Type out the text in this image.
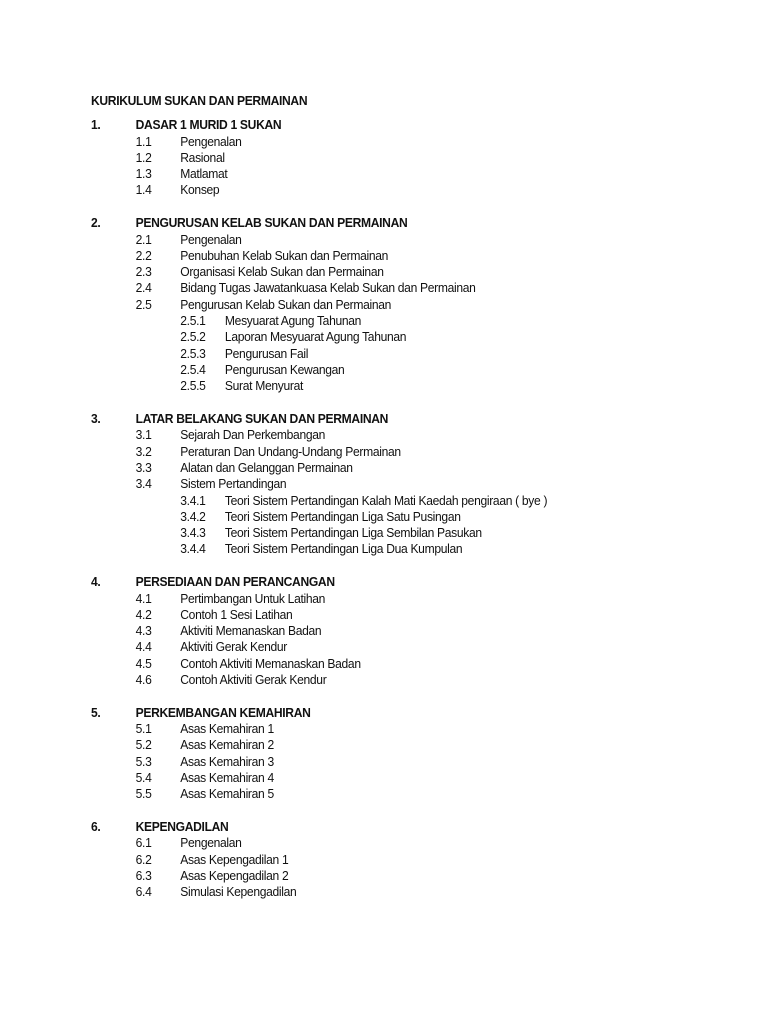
KURIKULUM SUKAN DAN PERMAINAN
1.	DASAR 1 MURID 1 SUKAN
1.1	Pengenalan
1.2	Rasional
1.3	Matlamat
1.4	Konsep
2.	PENGURUSAN KELAB SUKAN DAN PERMAINAN
2.1	Pengenalan
2.2	Penubuhan Kelab Sukan dan Permainan
2.3	Organisasi Kelab Sukan dan Permainan
2.4	Bidang Tugas Jawatankuasa Kelab Sukan dan Permainan
2.5	Pengurusan Kelab Sukan dan Permainan
2.5.1	Mesyuarat Agung Tahunan
2.5.2	Laporan Mesyuarat Agung Tahunan
2.5.3	Pengurusan Fail
2.5.4	Pengurusan Kewangan
2.5.5	Surat Menyurat
3.	LATAR BELAKANG SUKAN DAN PERMAINAN
3.1	Sejarah Dan Perkembangan
3.2	Peraturan Dan Undang-Undang Permainan
3.3	Alatan dan Gelanggan Permainan
3.4	Sistem Pertandingan
3.4.1	Teori Sistem Pertandingan Kalah Mati Kaedah pengiraan ( bye )
3.4.2	Teori Sistem Pertandingan Liga Satu Pusingan
3.4.3	Teori Sistem Pertandingan Liga Sembilan Pasukan
3.4.4	Teori Sistem Pertandingan Liga Dua Kumpulan
4.	PERSEDIAAN DAN PERANCANGAN
4.1	Pertimbangan Untuk Latihan
4.2	Contoh 1 Sesi Latihan
4.3	Aktiviti Memanaskan Badan
4.4	Aktiviti Gerak Kendur
4.5	Contoh Aktiviti Memanaskan Badan
4.6	Contoh Aktiviti Gerak Kendur
5.	PERKEMBANGAN KEMAHIRAN
5.1	Asas Kemahiran 1
5.2	Asas Kemahiran 2
5.3	Asas Kemahiran 3
5.4	Asas Kemahiran 4
5.5	Asas Kemahiran 5
6.	KEPENGADILAN
6.1	Pengenalan
6.2	Asas Kepengadilan 1
6.3	Asas Kepengadilan 2
6.4	Simulasi Kepengadilan
